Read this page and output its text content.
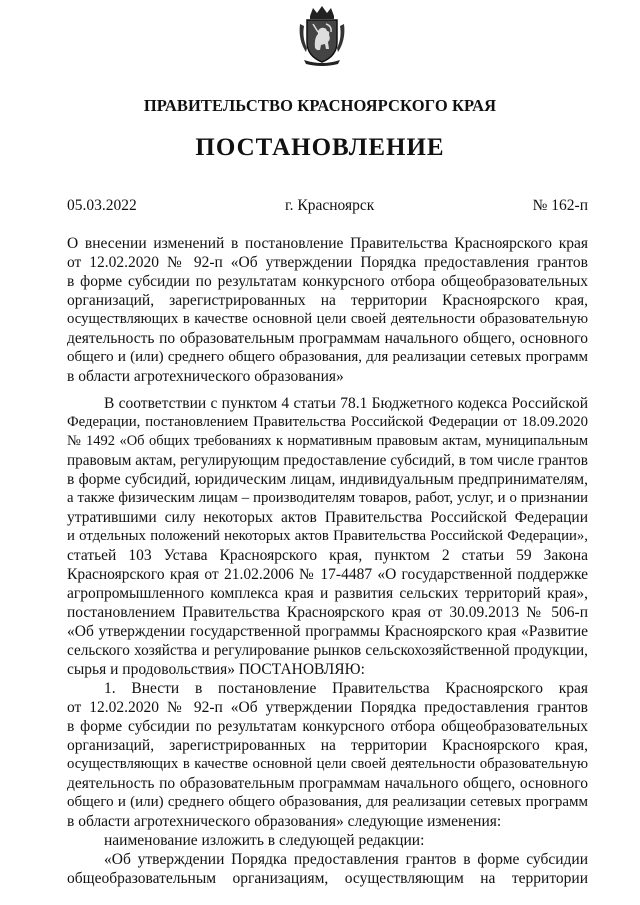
ПРАВИТЕЛЬСТВО КРАСНОЯРСКОГО КРАЯ
ПОСТАНОВЛЕНИЕ
05.03.2022	г. Красноярск	№ 162-п
О внесении изменений в постановление Правительства Красноярского края
от 12.02.2020 № 92-п «Об утверждении Порядка предоставления грантов
в форме субсидии по результатам конкурсного отбора общеобразовательных
организаций, зарегистрированных на территории Красноярского края,
осуществляющих в качестве основной цели своей деятельности образовательную
деятельность по образовательным программам начального общего, основного
общего и (или) среднего общего образования, для реализации сетевых программ
в области агротехнического образования»
В соответствии с пунктом 4 статьи 78.1 Бюджетного кодекса Российской
Федерации, постановлением Правительства Российской Федерации от 18.09.2020
№ 1492 «Об общих требованиях к нормативным правовым актам, муниципальным
правовым актам, регулирующим предоставление субсидий, в том числе грантов
в форме субсидий, юридическим лицам, индивидуальным предпринимателям,
а также физическим лицам – производителям товаров, работ, услуг, и о признании
утратившими силу некоторых актов Правительства Российской Федерации
и отдельных положений некоторых актов Правительства Российской Федерации»,
статьей 103 Устава Красноярского края, пунктом 2 статьи 59 Закона
Красноярского края от 21.02.2006 № 17-4487 «О государственной поддержке
агропромышленного комплекса края и развития сельских территорий края»,
постановлением Правительства Красноярского края от 30.09.2013 № 506-п
«Об утверждении государственной программы Красноярского края «Развитие
сельского хозяйства и регулирование рынков сельскохозяйственной продукции,
сырья и продовольствия» ПОСТАНОВЛЯЮ:
1. Внести в постановление Правительства Красноярского края
от 12.02.2020 № 92-п «Об утверждении Порядка предоставления грантов
в форме субсидии по результатам конкурсного отбора общеобразовательных
организаций, зарегистрированных на территории Красноярского края,
осуществляющих в качестве основной цели своей деятельности образовательную
деятельность по образовательным программам начального общего, основного
общего и (или) среднего общего образования, для реализации сетевых программ
в области агротехнического образования» следующие изменения:
наименование изложить в следующей редакции:
«Об утверждении Порядка предоставления грантов в форме субсидии
общеобразовательным организациям, осуществляющим на территории
